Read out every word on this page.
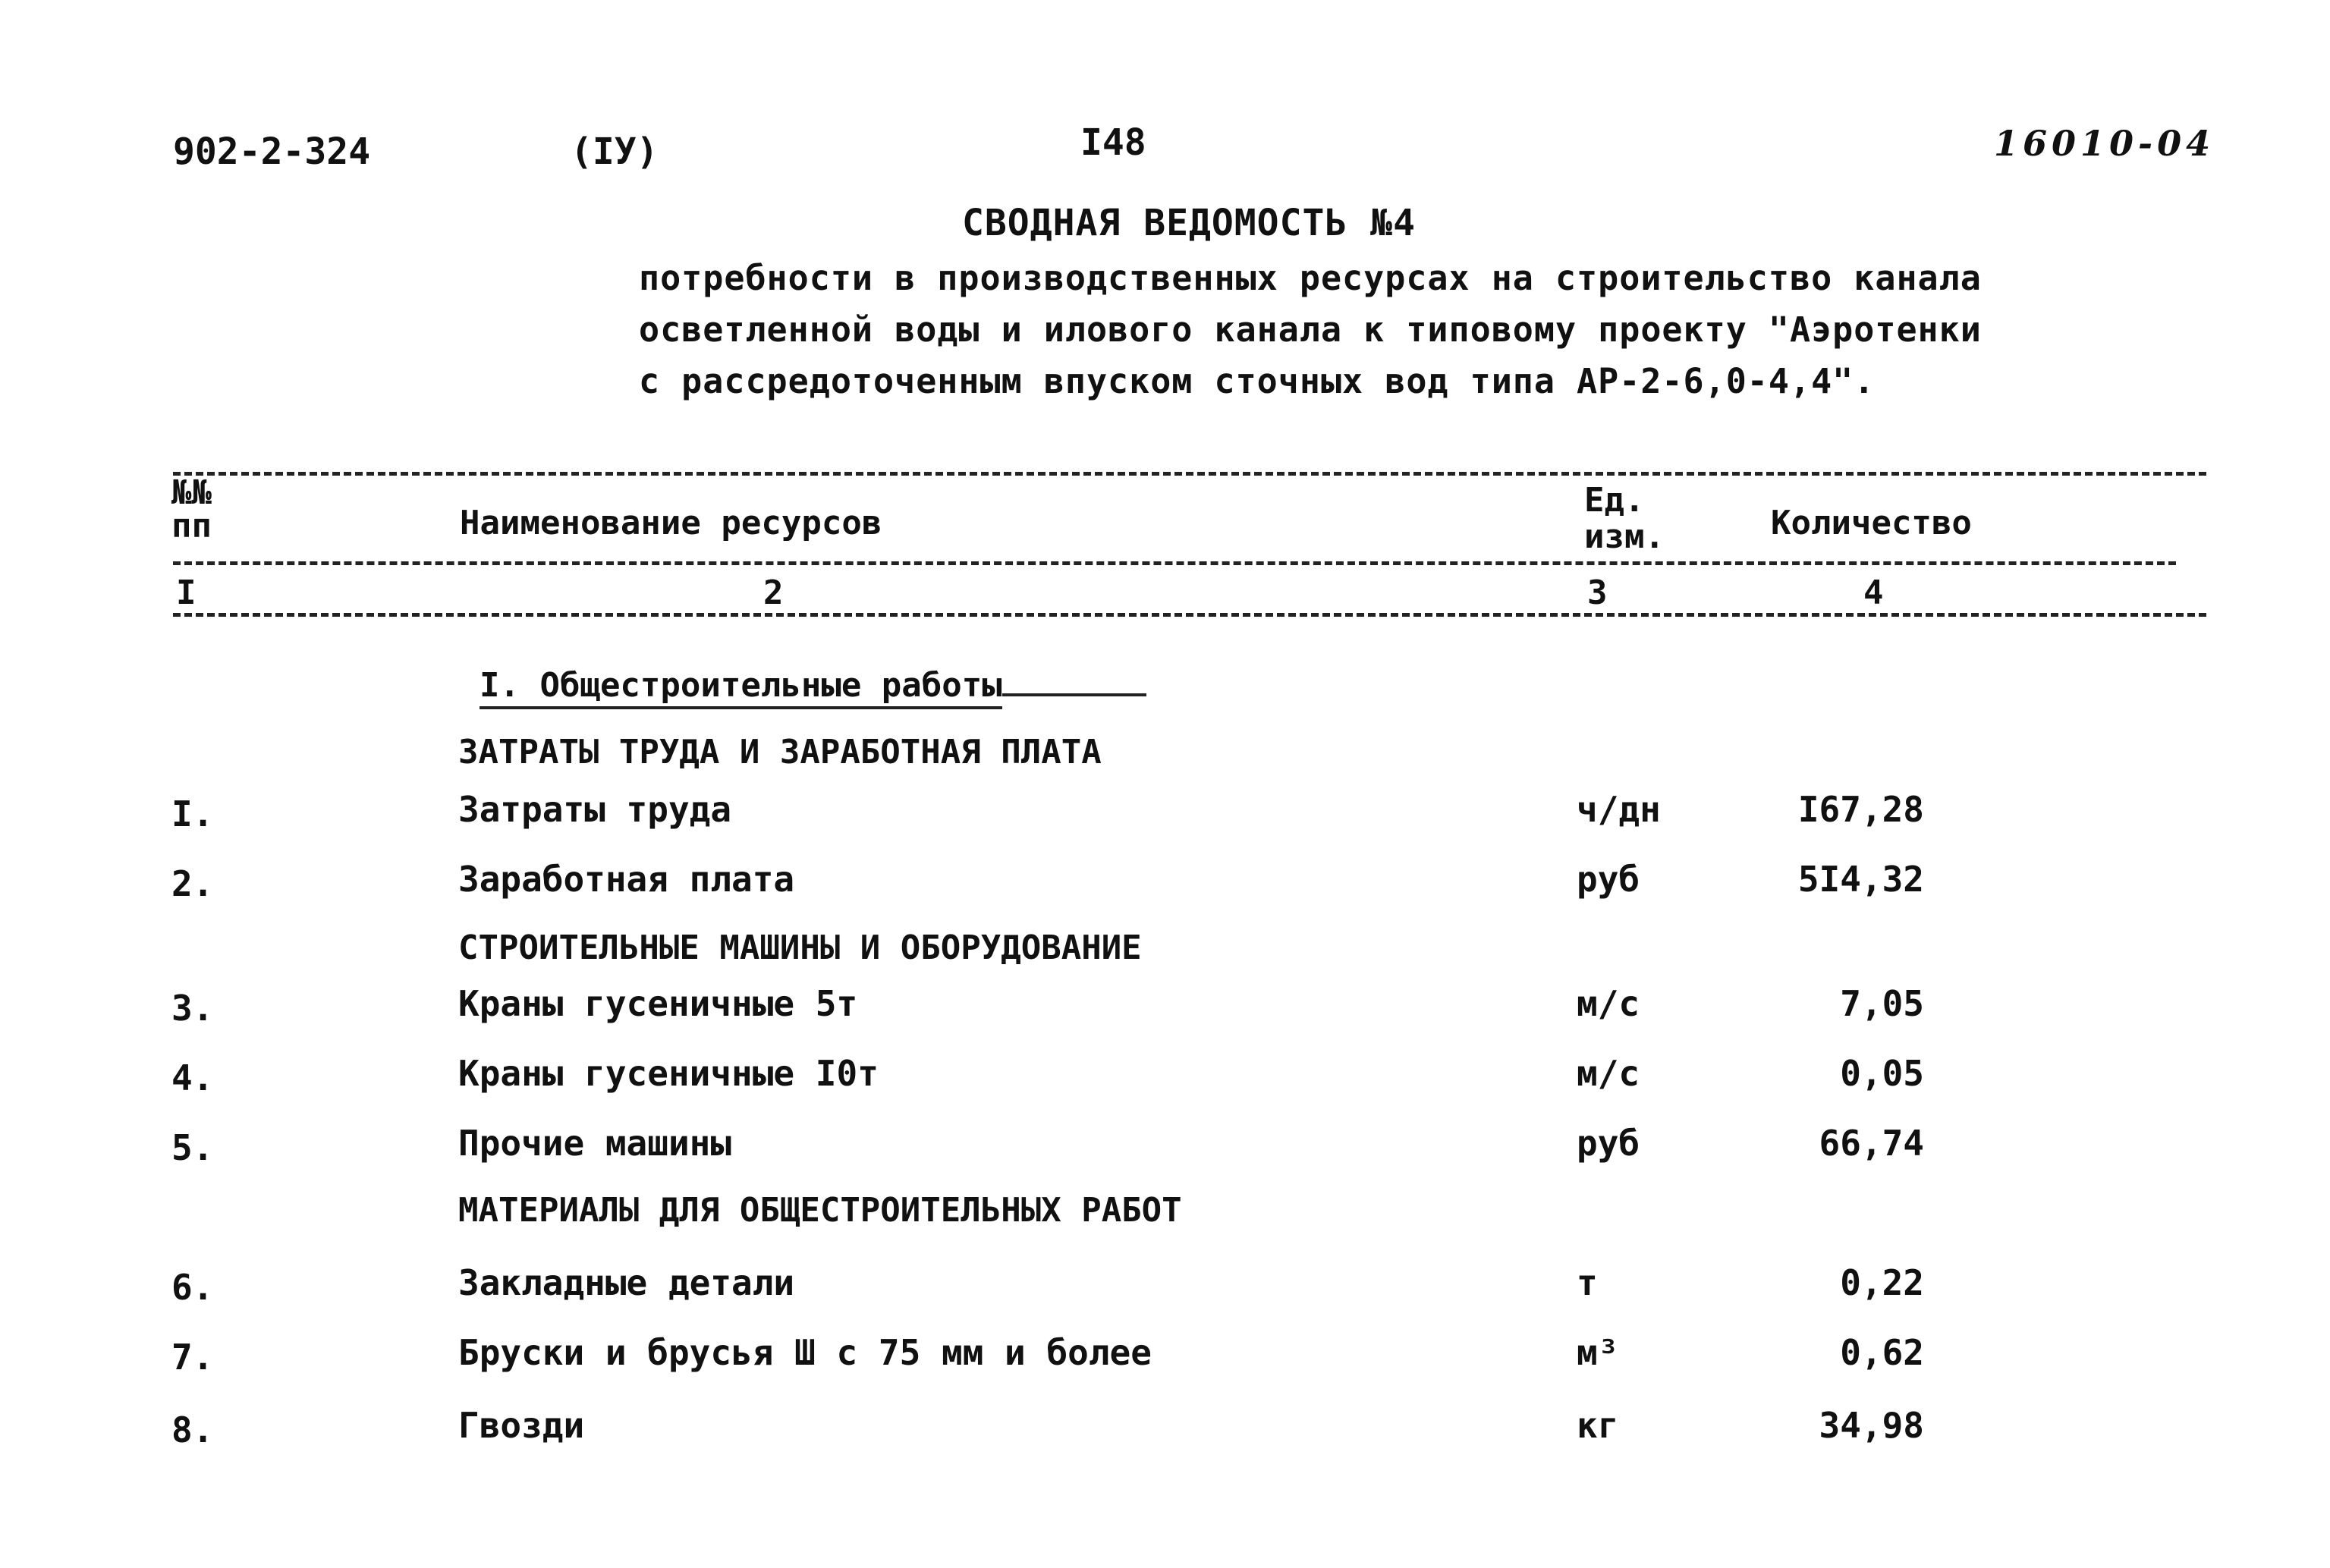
902-2-324	(IУ)	I48	16010-04
СВОДНАЯ ВЕДОМОСТЬ №4
потребности в производственных ресурсах на строительство канала
осветленной воды и илового канала к типовому проекту "Аэротенки
с рассредоточенным впуском сточных вод типа АР-2-6,0-4,4".
№№
пп	Наименование ресурсов
Ед.
изм.	Количество
I	2	3	4
I. Общестроительные работы
ЗАТРАТЫ ТРУДА И ЗАРАБОТНАЯ ПЛАТА
I.	Затраты труда	ч/дн	I67,28
2.	Заработная плата	руб	5I4,32
СТРОИТЕЛЬНЫЕ МАШИНЫ И ОБОРУДОВАНИЕ
3.	Краны гусеничные 5т	м/с	7,05
4.	Краны гусеничные I0т	м/с	0,05
5.	Прочие машины	руб	66,74
МАТЕРИАЛЫ ДЛЯ ОБЩЕСТРОИТЕЛЬНЫХ РАБОТ
6.	Закладные детали	т	0,22
7.	Бруски и брусья Ш с 75 мм и более	м³	0,62
8.	Гвозди	кг	34,98
